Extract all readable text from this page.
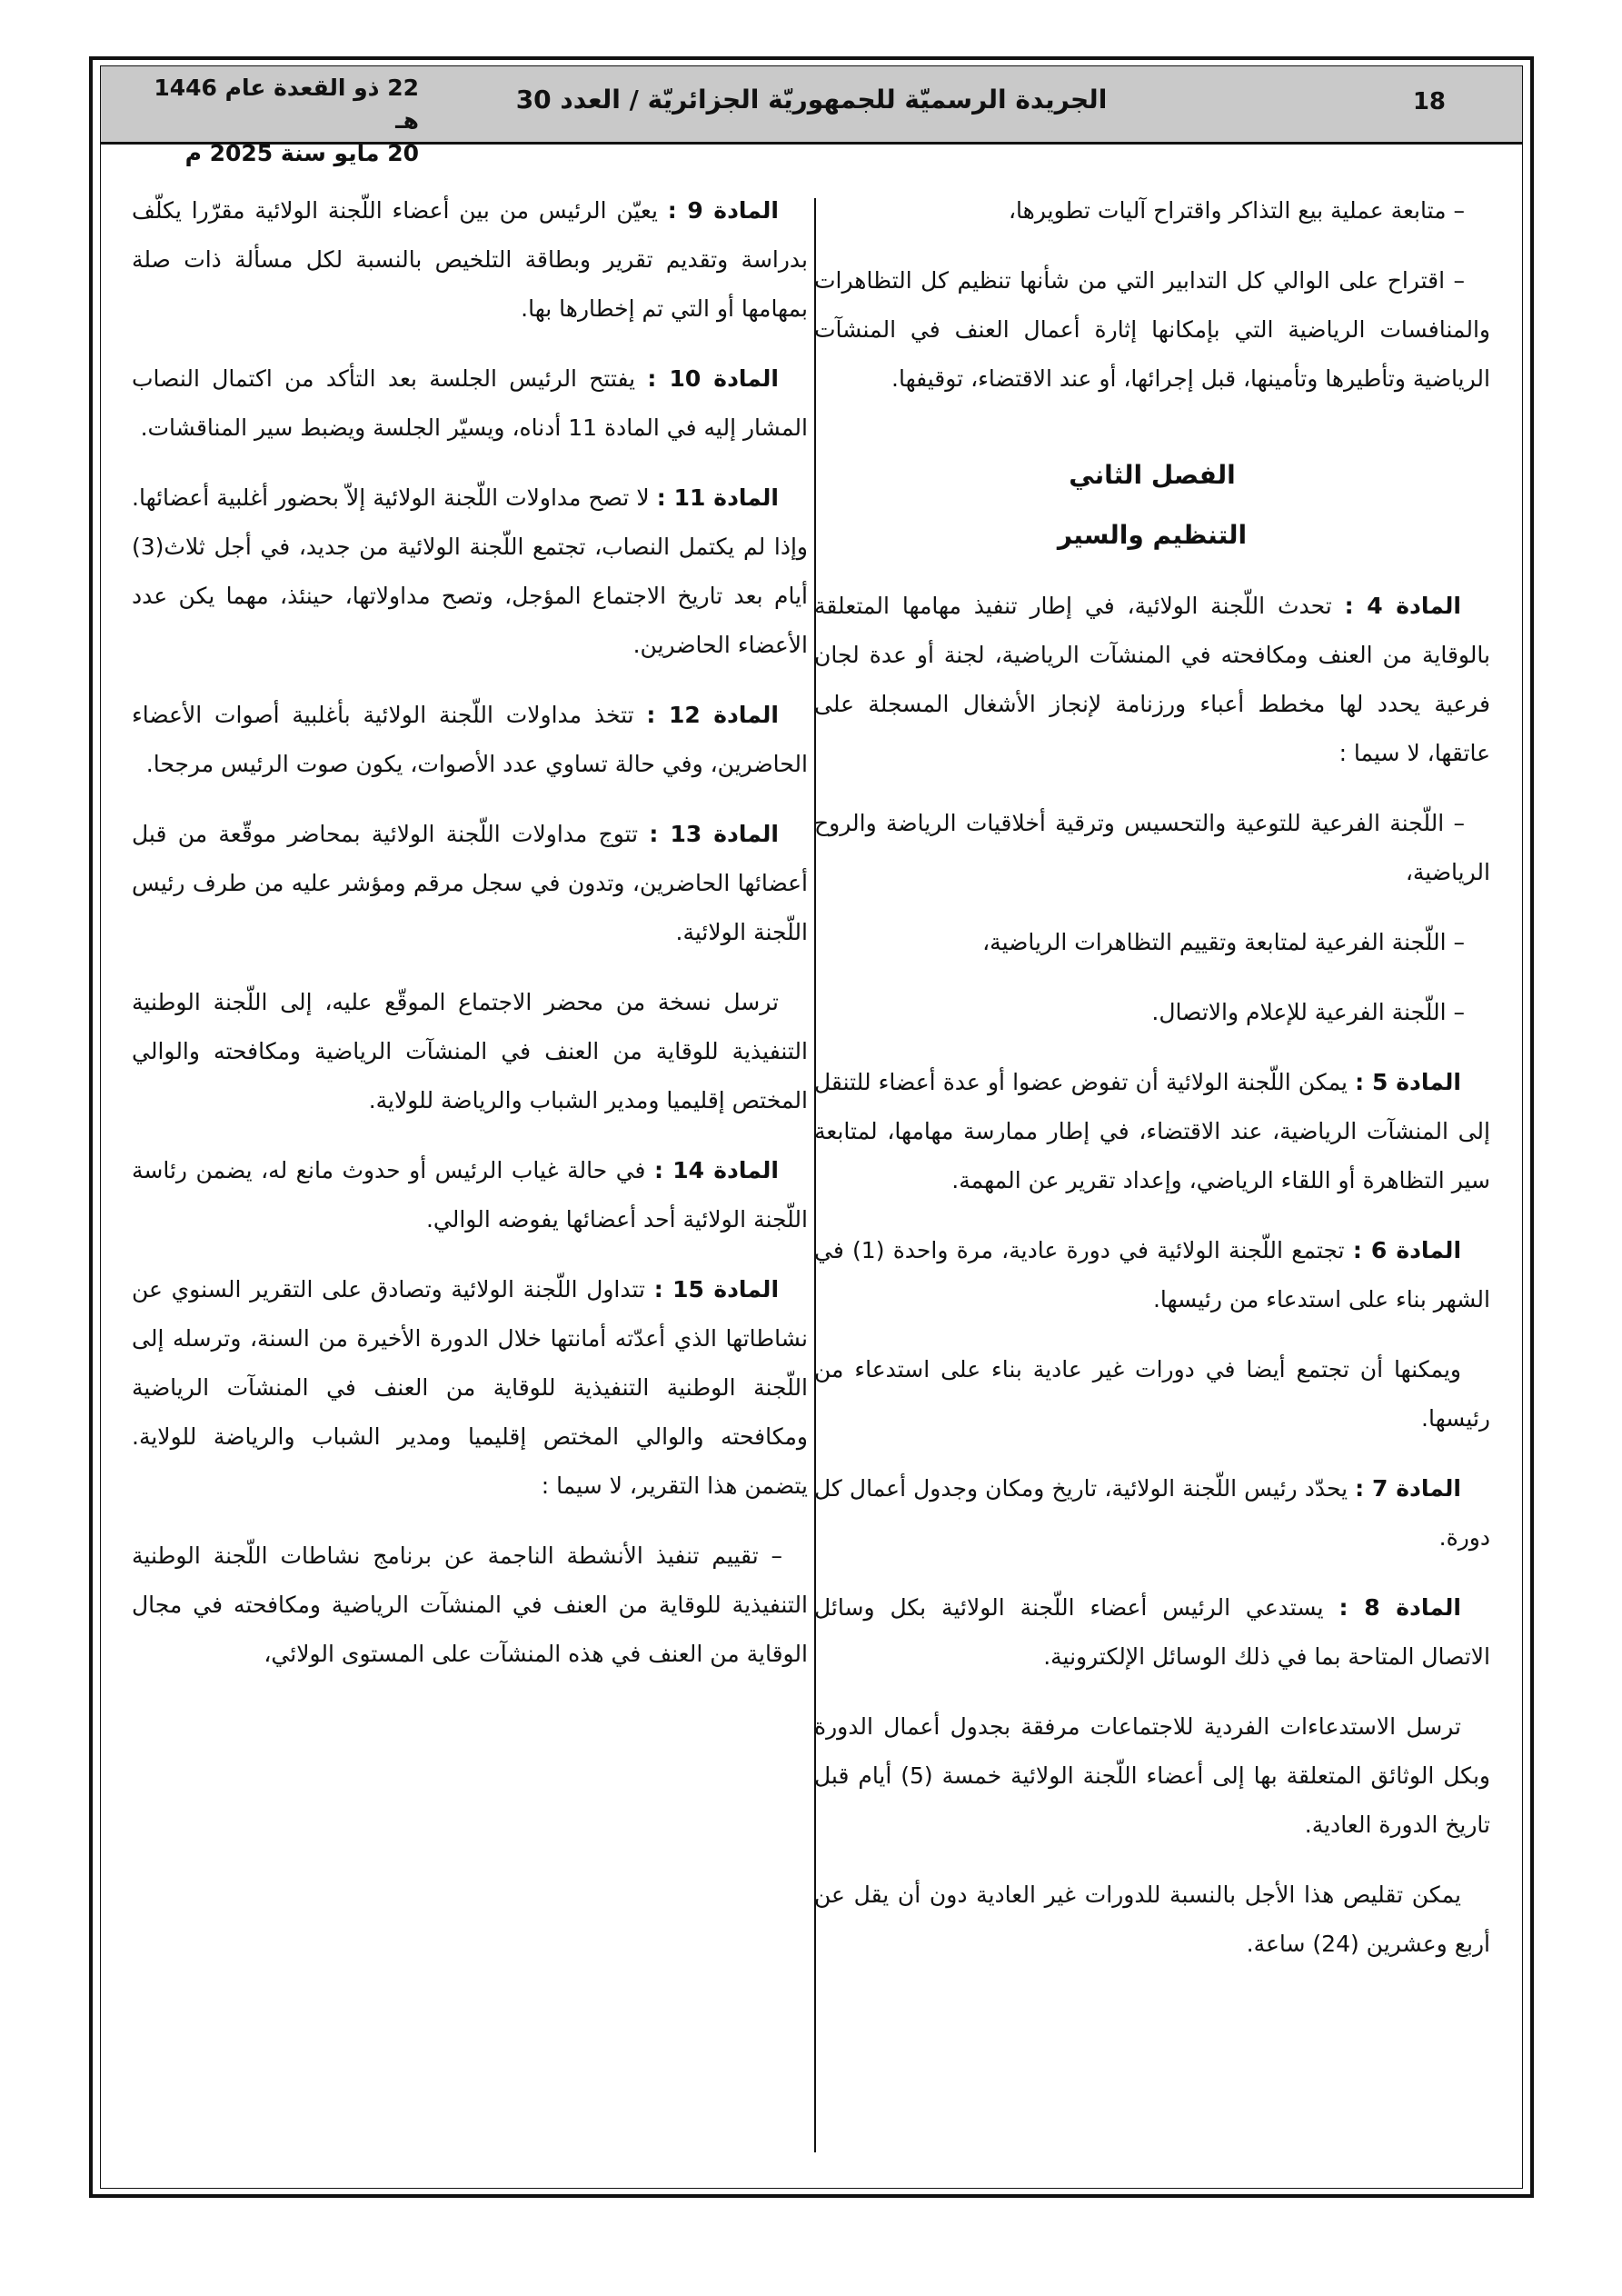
18
الجريدة الرسميّة للجمهوريّة الجزائريّة / العدد 30
22 ذو القعدة عام 1446 هـ
20 مايو سنة 2025 م

– متابعة عملية بيع التذاكر واقتراح آليات تطويرها،

– اقتراح على الوالي كل التدابير التي من شأنها تنظيم كل التظاهرات والمنافسات الرياضية التي بإمكانها إثارة أعمال العنف في المنشآت الرياضية وتأطيرها وتأمينها، قبل إجرائها، أو عند الاقتضاء، توقيفها.

الفصل الثاني
التنظيم والسير

المادة 4 : تحدث اللّجنة الولائية، في إطار تنفيذ مهامها المتعلقة بالوقاية من العنف ومكافحته في المنشآت الرياضية، لجنة أو عدة لجان فرعية يحدد لها مخطط أعباء ورزنامة لإنجاز الأشغال المسجلة على عاتقها، لا سيما :

– اللّجنة الفرعية للتوعية والتحسيس وترقية أخلاقيات الرياضة والروح الرياضية،

– اللّجنة الفرعية لمتابعة وتقييم التظاهرات الرياضية،

– اللّجنة الفرعية للإعلام والاتصال.

المادة 5 : يمكن اللّجنة الولائية أن تفوض عضوا أو عدة أعضاء للتنقل إلى المنشآت الرياضية، عند الاقتضاء، في إطار ممارسة مهامها، لمتابعة سير التظاهرة أو اللقاء الرياضي، وإعداد تقرير عن المهمة.

المادة 6 : تجتمع اللّجنة الولائية في دورة عادية، مرة واحدة (1) في الشهر بناء على استدعاء من رئيسها.

ويمكنها أن تجتمع أيضا في دورات غير عادية بناء على استدعاء من رئيسها.

المادة 7 : يحدّد رئيس اللّجنة الولائية، تاريخ ومكان وجدول أعمال كل دورة.

المادة 8 : يستدعي الرئيس أعضاء اللّجنة الولائية بكل وسائل الاتصال المتاحة بما في ذلك الوسائل الإلكترونية.

ترسل الاستدعاءات الفردية للاجتماعات مرفقة بجدول أعمال الدورة وبكل الوثائق المتعلقة بها إلى أعضاء اللّجنة الولائية خمسة (5) أيام قبل تاريخ الدورة العادية.

يمكن تقليص هذا الأجل بالنسبة للدورات غير العادية دون أن يقل عن أربع وعشرين (24) ساعة.

المادة 9 : يعيّن الرئيس من بين أعضاء اللّجنة الولائية مقرّرا يكلّف بدراسة وتقديم تقرير وبطاقة التلخيص بالنسبة لكل مسألة ذات صلة بمهامها أو التي تم إخطارها بها.

المادة 10 : يفتتح الرئيس الجلسة بعد التأكد من اكتمال النصاب المشار إليه في المادة 11 أدناه، ويسيّر الجلسة ويضبط سير المناقشات.

المادة 11 : لا تصح مداولات اللّجنة الولائية إلاّ بحضور أغلبية أعضائها. وإذا لم يكتمل النصاب، تجتمع اللّجنة الولائية من جديد، في أجل ثلاث(3) أيام بعد تاريخ الاجتماع المؤجل، وتصح مداولاتها، حينئذ، مهما يكن عدد الأعضاء الحاضرين.

المادة 12 : تتخذ مداولات اللّجنة الولائية بأغلبية أصوات الأعضاء الحاضرين، وفي حالة تساوي عدد الأصوات، يكون صوت الرئيس مرجحا.

المادة 13 : تتوج مداولات اللّجنة الولائية بمحاضر موقّعة من قبل أعضائها الحاضرين، وتدون في سجل مرقم ومؤشر عليه من طرف رئيس اللّجنة الولائية.

ترسل نسخة من محضر الاجتماع الموقّع عليه، إلى اللّجنة الوطنية التنفيذية للوقاية من العنف في المنشآت الرياضية ومكافحته والوالي المختص إقليميا ومدير الشباب والرياضة للولاية.

المادة 14 : في حالة غياب الرئيس أو حدوث مانع له، يضمن رئاسة اللّجنة الولائية أحد أعضائها يفوضه الوالي.

المادة 15 : تتداول اللّجنة الولائية وتصادق على التقرير السنوي عن نشاطاتها الذي أعدّته أمانتها خلال الدورة الأخيرة من السنة، وترسله إلى اللّجنة الوطنية التنفيذية للوقاية من العنف في المنشآت الرياضية ومكافحته والوالي المختص إقليميا ومدير الشباب والرياضة للولاية. يتضمن هذا التقرير، لا سيما :

– تقييم تنفيذ الأنشطة الناجمة عن برنامج نشاطات اللّجنة الوطنية التنفيذية للوقاية من العنف في المنشآت الرياضية ومكافحته في مجال الوقاية من العنف في هذه المنشآت على المستوى الولائي،
